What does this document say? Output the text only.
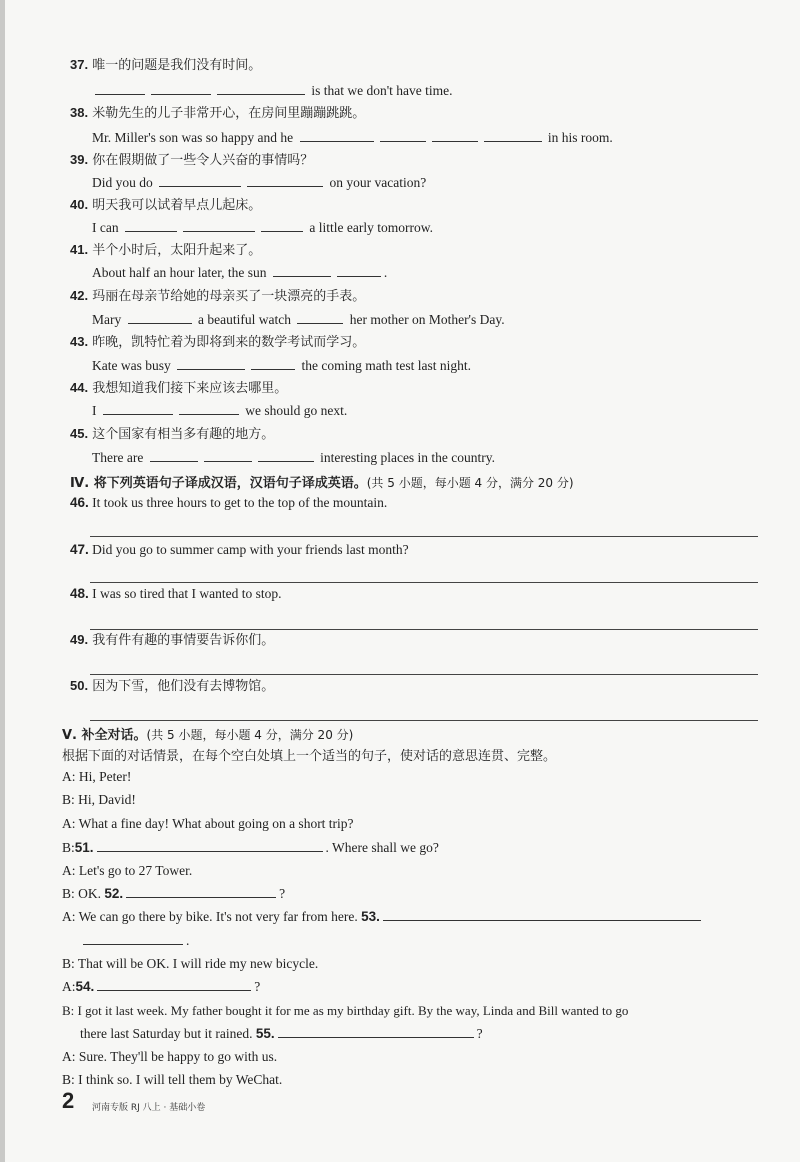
37. 唯一的问题是我们没有时间。
is that we don't have time.
38. 米勒先生的儿子非常开心，在房间里蹦蹦跳跳。
Mr. Miller's son was so happy and he	in his room.
39. 你在假期做了一些令人兴奋的事情吗？
Did you do	on your vacation?
40. 明天我可以试着早点儿起床。
I can	a little early tomorrow.
41. 半个小时后，太阳升起来了。
About half an hour later, the sun	.
42. 玛丽在母亲节给她的母亲买了一块漂亮的手表。
Mary	a beautiful watch	her mother on Mother's Day.
43. 昨晚，凯特忙着为即将到来的数学考试而学习。
Kate was busy	the coming math test last night.
44. 我想知道我们接下来应该去哪里。
I	we should go next.
45. 这个国家有相当多有趣的地方。
There are	interesting places in the country.
Ⅳ. 将下列英语句子译成汉语，汉语句子译成英语。(共 5 小题，每小题 4 分，满分 20 分)
46. It took us three hours to get to the top of the mountain.
47. Did you go to summer camp with your friends last month?
48. I was so tired that I wanted to stop.
49. 我有件有趣的事情要告诉你们。
50. 因为下雪，他们没有去博物馆。
Ⅴ. 补全对话。(共 5 小题，每小题 4 分，满分 20 分)
根据下面的对话情景，在每个空白处填上一个适当的句子，使对话的意思连贯、完整。
A: Hi, Peter!
B: Hi, David!
A: What a fine day! What about going on a short trip?
B:51.	. Where shall we go?
A: Let's go to 27 Tower.
B: OK. 52.	?
A: We can go there by bike. It's not very far from here. 53.
.
B: That will be OK. I will ride my new bicycle.
A:54.	?
B: I got it last week. My father bought it for me as my birthday gift. By the way, Linda and Bill wanted to go
there last Saturday but it rained. 55.	?
A: Sure. They'll be happy to go with us.
B: I think so. I will tell them by WeChat.
2 河南专版 RJ 八上 · 基础小卷
